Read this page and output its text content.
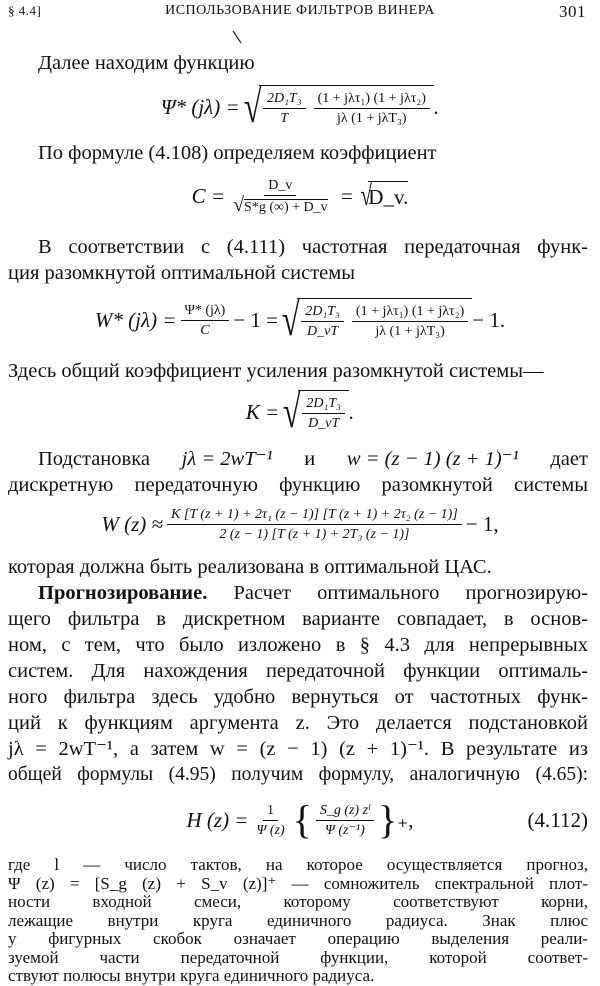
§ 4.4]	ИСПОЛЬЗОВАНИЕ ФИЛЬТРОВ ВИНЕРА	301
Далее находим функцию
Ψ* (jλ) = √ $\frac{\text{2D₁T₃}}{T} \frac{\text{(1 + jλτ₁) (1 + jλτ₂)}}{\text{jλ (1 + jλT₃)}}$ .
По формуле (4.108) определяем коэффициент
$C = \frac{D\_v}{√S*g (\infty) + D\_v}$ = √
D_v.
В соответствии с (4.111) частотная передаточная функ-
ция разомкнутой оптимальной системы
W* $(j\lambda) = \frac{\Psi* (j\lambda)}{C} - 1$ = √ $\frac{\text{2D₁T₃}}{D\_vT} \frac{\text{(1 + jλτ₁) (1 + jλτ₂)}}{\text{jλ (1 + jλT₃)}} - 1$.
Здесь общий коэффициент усиления разомкнутой системы—
K = √ $\frac{\text{2D₁T₃}}{D\_vT}$ .
Подстановка jλ = 2wT⁻¹ и w = (z − 1) (z + 1)⁻¹ дает
дискретную передаточную функцию разомкнутой системы
W $(z) \approx \frac{\text{K [T (z + 1) + 2τ₁ (z − 1)] [T (z + 1) + 2τ₂ (z − 1)]}}{\text{2 (z − 1) [T (z + 1) + 2T₃ (z − 1)]}} - 1$,
которая должна быть реализована в оптимальной ЦАС.
Прогнозирование. Расчет оптимального прогнозирую-
щего фильтра в дискретном варианте совпадает, в основ-
ном, с тем, что было изложено в § 4.3 для непрерывных
систем. Для нахождения передаточной функции оптималь-
ного фильтра здесь удобно вернуться от частотных функ-
ций к функциям аргумента z. Это делается подстановкой
jλ = 2wT⁻¹, а затем w = (z − 1) (z + 1)⁻¹. В результате из
общей формулы (4.95) получим формулу, аналогичную (4.65):
H $(z) = \frac{1}{\Psi (z)}$ { $\frac{\text{S\_g (z) zˡ}}{\text{Ψ (z⁻¹)}}$ } ₊,	(4.112)
где l — число тактов, на которое осуществляется прогноз,
Ψ (z) = [S_g (z) + S_v (z)]⁺ — сомножитель спектральной плот-
ности входной смеси, которому соответствуют корни,
лежащие внутри круга единичного радиуса. Знак плюс
у фигурных скобок означает операцию выделения реали-
зуемой части передаточной функции, которой соответ-
ствуют полюсы внутри круга единичного радиуса.
